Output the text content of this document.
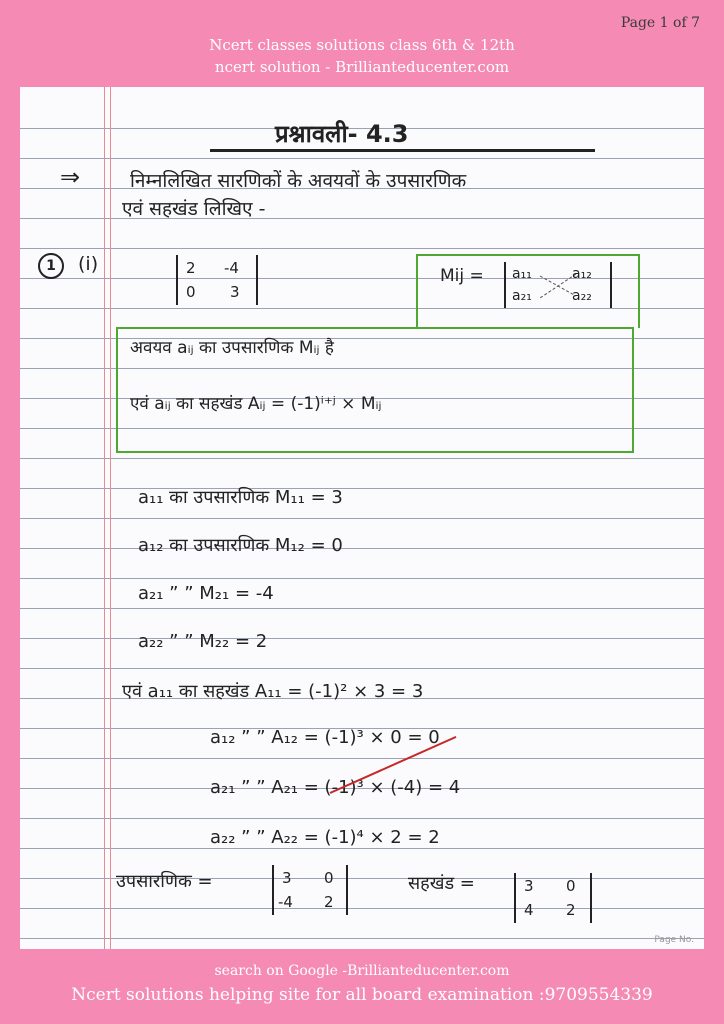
Page 1 of 7
Ncert classes solutions class 6th & 12th
ncert solution - Brillianteducenter.com
प्रश्नावली- 4.3
⇒	निम्नलिखित सारणिकों के अवयवों के उपसारणिक
एवं सहखंड लिखिए -
1	(i)	2 -4
0 3
Mij = a₁₁	a₁₂
a₂₁	a₂₂
अवयव aᵢⱼ का उपसारणिक Mᵢⱼ है
एवं aᵢⱼ का सहखंड Aᵢⱼ = (-1)ⁱ⁺ʲ × Mᵢⱼ
a₁₁ का उपसारणिक M₁₁ = 3
a₁₂ का उपसारणिक M₁₂ = 0
a₂₁ ” ” M₂₁ = -4
a₂₂ ” ” M₂₂ = 2
एवं a₁₁ का सहखंड A₁₁ = (-1)² × 3 = 3
a₁₂ ” ” A₁₂ = (-1)³ × 0 = 0
a₂₁ ” ” A₂₁ = (-1)³ × (-4) = 4
a₂₂ ” ” A₂₂ = (-1)⁴ × 2 = 2
उपसारणिक =	3 0
-4 2
सहखंड =	3 0
4 2
Page No.
search on Google -Brillianteducenter.com
Ncert solutions helping site for all board examination :9709554339
